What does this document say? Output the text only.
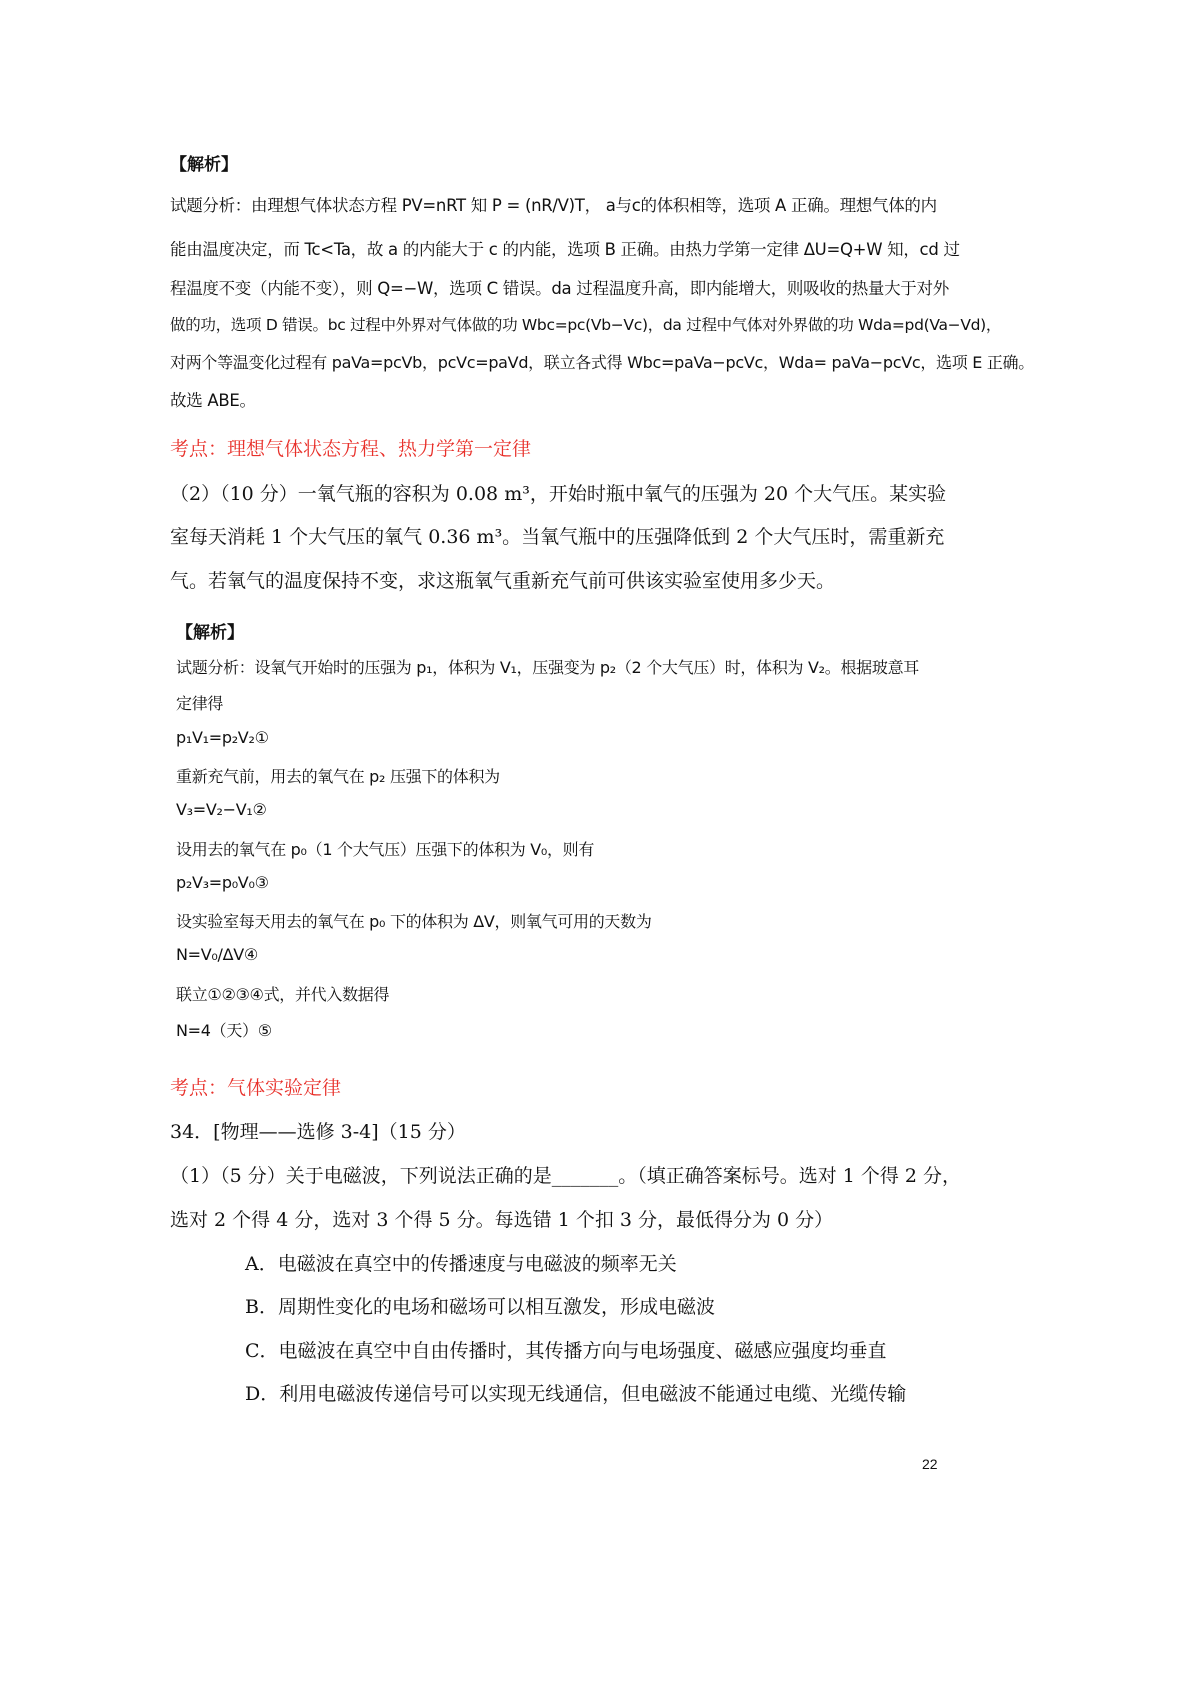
【解析】
试题分析：由理想气体状态方程 PV=nRT 知 P = (nR/V)T， a与c的体积相等，选项 A 正确。理想气体的内
能由温度决定，而 Tc<Ta，故 a 的内能大于 c 的内能，选项 B 正确。由热力学第一定律 ΔU=Q+W 知，cd 过
程温度不变（内能不变），则 Q=−W，选项 C 错误。da 过程温度升高，即内能增大，则吸收的热量大于对外
做的功，选项 D 错误。bc 过程中外界对气体做的功 Wbc=pc(Vb−Vc)，da 过程中气体对外界做的功 Wda=pd(Va−Vd)，
对两个等温变化过程有 paVa=pcVb，pcVc=paVd，联立各式得 Wbc=paVa−pcVc，Wda= paVa−pcVc，选项 E 正确。
故选 ABE。
考点：理想气体状态方程、热力学第一定律
（2）（10 分）一氧气瓶的容积为 0.08 m³，开始时瓶中氧气的压强为 20 个大气压。某实验
室每天消耗 1 个大气压的氧气 0.36 m³。当氧气瓶中的压强降低到 2 个大气压时，需重新充
气。若氧气的温度保持不变，求这瓶氧气重新充气前可供该实验室使用多少天。
【解析】
试题分析：设氧气开始时的压强为 p₁，体积为 V₁，压强变为 p₂（2 个大气压）时，体积为 V₂。根据玻意耳
定律得
p₁V₁=p₂V₂①
重新充气前，用去的氧气在 p₂ 压强下的体积为
V₃=V₂−V₁②
设用去的氧气在 p₀（1 个大气压）压强下的体积为 V₀，则有
p₂V₃=p₀V₀③
设实验室每天用去的氧气在 p₀ 下的体积为 ΔV，则氧气可用的天数为
N=V₀/ΔV④
联立①②③④式，并代入数据得
N=4（天）⑤
考点：气体实验定律
34．[物理——选修 3-4]（15 分）
（1）（5 分）关于电磁波，下列说法正确的是_______。（填正确答案标号。选对 1 个得 2 分，
选对 2 个得 4 分，选对 3 个得 5 分。每选错 1 个扣 3 分，最低得分为 0 分）
A．电磁波在真空中的传播速度与电磁波的频率无关
B．周期性变化的电场和磁场可以相互激发，形成电磁波
C．电磁波在真空中自由传播时，其传播方向与电场强度、磁感应强度均垂直
D．利用电磁波传递信号可以实现无线通信，但电磁波不能通过电缆、光缆传输
22
